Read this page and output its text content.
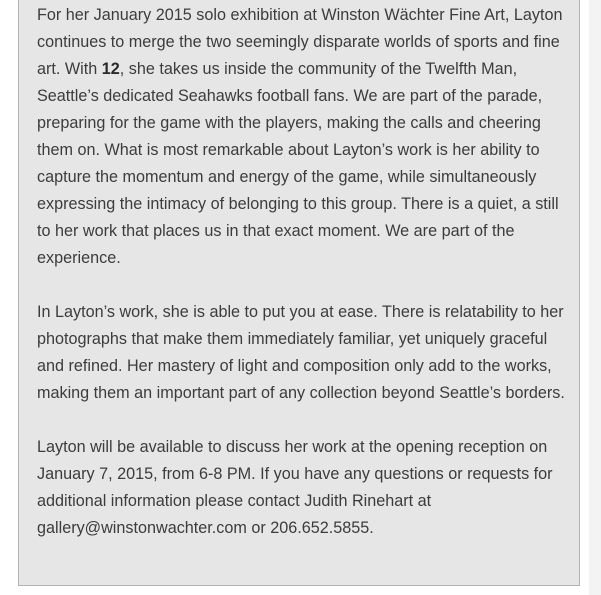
For her January 2015 solo exhibition at Winston Wächter Fine Art, Layton continues to merge the two seemingly disparate worlds of sports and fine art. With 12, she takes us inside the community of the Twelfth Man, Seattle’s dedicated Seahawks football fans. We are part of the parade, preparing for the game with the players, making the calls and cheering them on. What is most remarkable about Layton’s work is her ability to capture the momentum and energy of the game, while simultaneously expressing the intimacy of belonging to this group. There is a quiet, a still to her work that places us in that exact moment. We are part of the experience.

In Layton’s work, she is able to put you at ease. There is relatability to her photographs that make them immediately familiar, yet uniquely graceful and refined. Her mastery of light and composition only add to the works, making them an important part of any collection beyond Seattle’s borders.

Layton will be available to discuss her work at the opening reception on January 7, 2015, from 6-8 PM. If you have any questions or requests for additional information please contact Judith Rinehart at gallery@winstonwachter.com or 206.652.5855.
